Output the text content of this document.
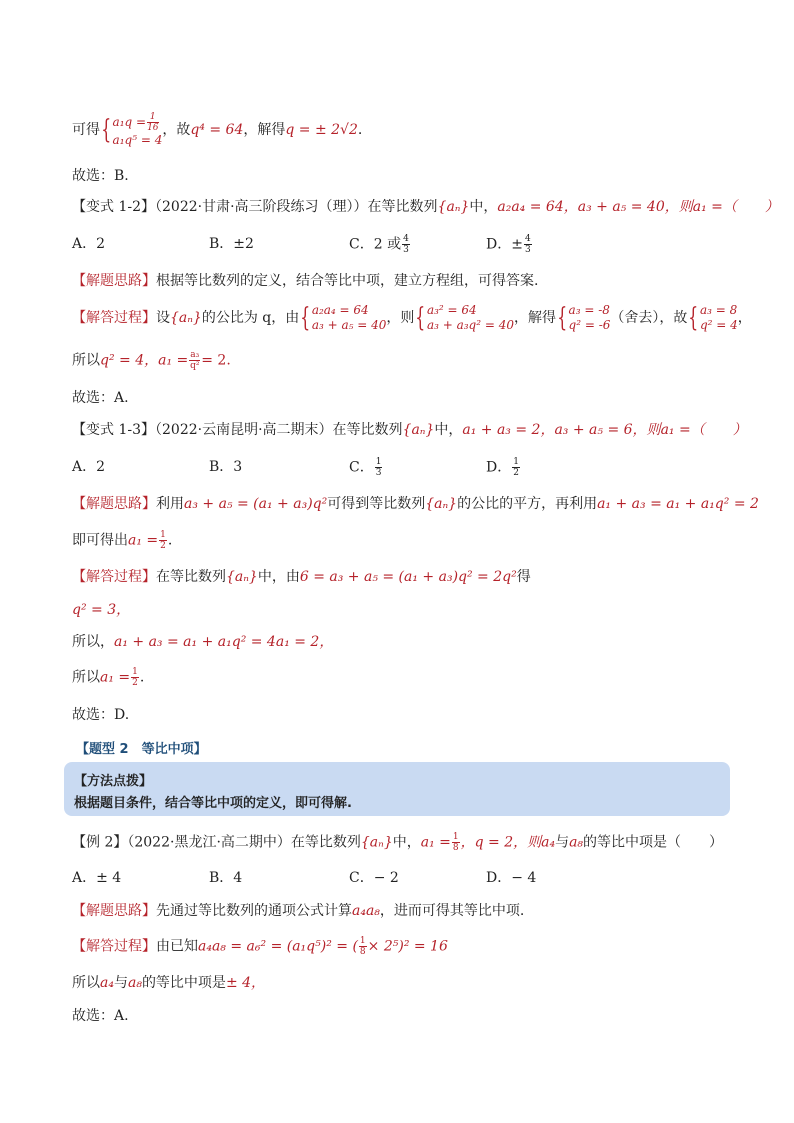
可得{ $a_1q = \frac{1}{16}$
a₁q⁵ = 4
，故q⁴ = 64，解得q = ± 2√2.
故选：B.
【变式 1-2】（2022·甘肃·高三阶段练习（理））在等比数列{aₙ}中，a₂a₄ = 64，a₃ + a₅ = 40，则a₁ =（　　）
A．2	B．±2	C．2 或 $\frac{4}{3}$	D．± $\frac{4}{3}$
【解题思路】根据等比数列的定义，结合等比中项，建立方程组，可得答案.
【解答过程】设{aₙ}的公比为 q，由{ a₂a₄ = 64
a₃ + a₅ = 40 ，则{ a₃² = 64
a₃ + a₃q² = 40 ，解得{ a₃ = -8
q² = -6 （舍去），故{ a₃ = 8
q² = 4 ，
所以q² = 4，$a_1 = \frac{\text{a₃}}{\text{q²}} = 2$.
故选：A.
【变式 1-3】（2022·云南昆明·高二期末）在等比数列{aₙ}中，a₁ + a₃ = 2，a₃ + a₅ = 6，则a₁ =（　　）
A．2	B．3	C． $\frac{1}{3}$	D． $\frac{1}{2}$
【解题思路】利用a₃ + a₅ = (a₁ + a₃)q²可得到等比数列{aₙ}的公比的平方，再利用a₁ + a₃ = a₁ + a₁q² = 2
即可得出$a_1 = \frac{1}{2}$ .
【解答过程】在等比数列{aₙ}中，由6 = a₃ + a₅ = (a₁ + a₃)q² = 2q²得
q² = 3，
所以，a₁ + a₃ = a₁ + a₁q² = 4a₁ = 2，
所以$a_1 = \frac{1}{2}$ .
故选：D.
【题型 2　等比中项】
【方法点拨】
根据题目条件，结合等比中项的定义，即可得解.
【例 2】（2022·黑龙江·高二期中）在等比数列{aₙ}中，$a_1 = \frac{1}{8}$ ，q = 2，则a₄与a₈的等比中项是（　　）
A．± 4	B．4	C．− 2	D．− 4
【解题思路】先通过等比数列的通项公式计算a₄a₈，进而可得其等比中项.
【解答过程】由已知a₄a₈ = a₆² = (a₁q⁵)² = ( $\frac{1}{8} \times 2^5)^2 = 16$
所以a₄与a₈的等比中项是± 4，
故选：A.
